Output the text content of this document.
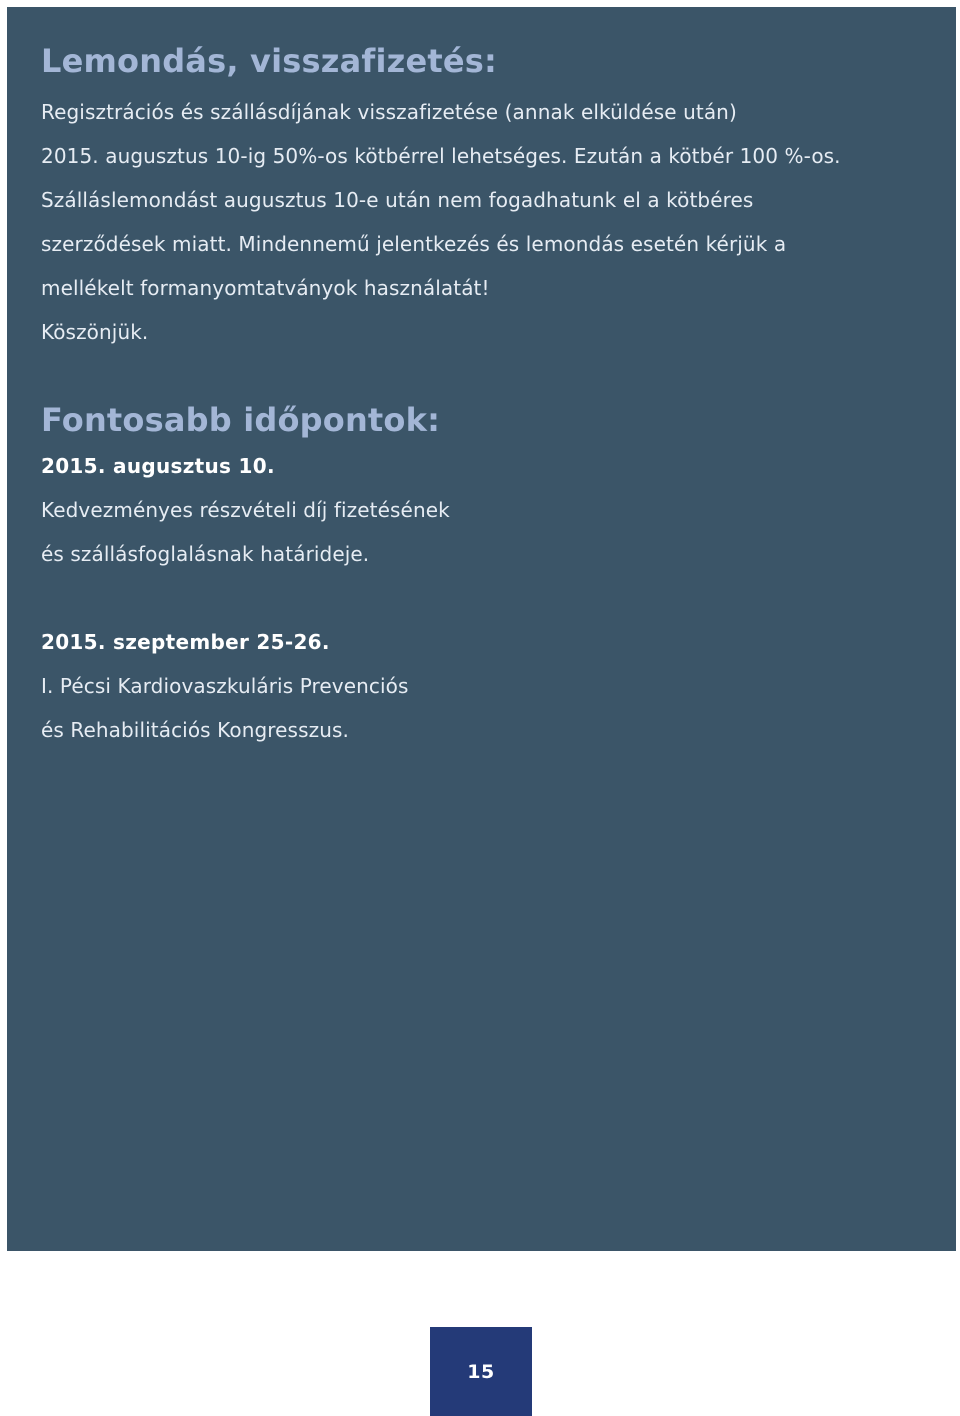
Lemondás, visszafizetés:

Regisztrációs és szállásdíjának visszafizetése (annak elküldése után)
2015. augusztus 10-ig 50%-os kötbérrel lehetséges. Ezután a kötbér 100 %-os.
Szálláslemondást augusztus 10-e után nem fogadhatunk el a kötbéres
szerződések miatt. Mindennemű jelentkezés és lemondás esetén kérjük a
mellékelt formanyomtatványok használatát!
Köszönjük.

Fontosabb időpontok:

2015. augusztus 10.

Kedvezményes részvételi díj fizetésének
és szállásfoglalásnak határideje.

2015. szeptember 25-26.

I. Pécsi Kardiovaszkuláris Prevenciós
és Rehabilitációs Kongresszus.

15
